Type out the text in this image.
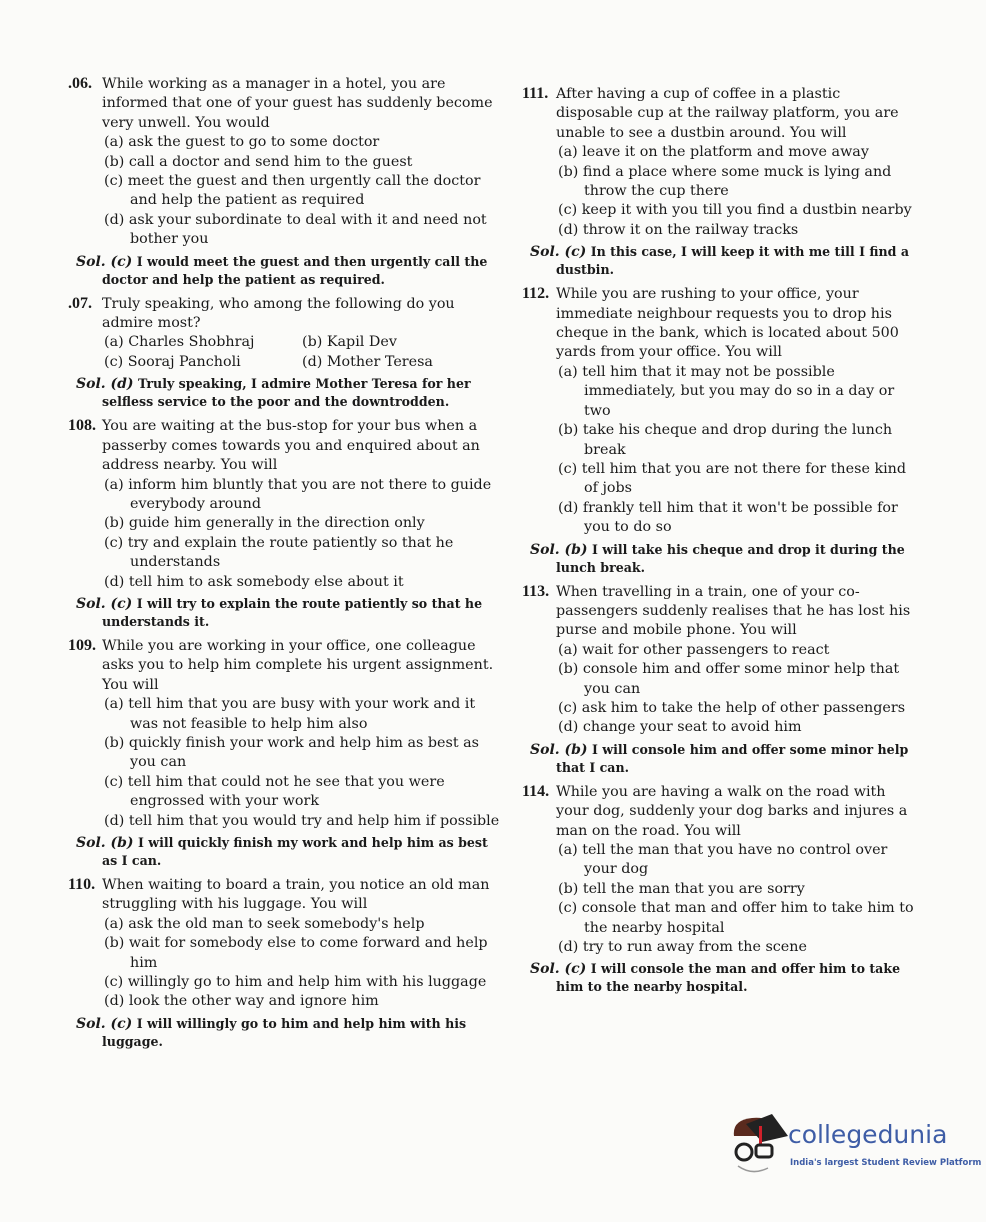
.06. While working as a manager in a hotel, you are informed that one of your guest has suddenly become very unwell. You would
(a) ask the guest to go to some doctor
(b) call a doctor and send him to the guest
(c) meet the guest and then urgently call the doctor and help the patient as required
(d) ask your subordinate to deal with it and need not bother you
Sol. (c) I would meet the guest and then urgently call the doctor and help the patient as required.
.07. Truly speaking, who among the following do you admire most?
(a) Charles Shobhraj	(b) Kapil Dev
(c) Sooraj Pancholi	(d) Mother Teresa
Sol. (d) Truly speaking, I admire Mother Teresa for her selfless service to the poor and the downtrodden.
108. You are waiting at the bus-stop for your bus when a passerby comes towards you and enquired about an address nearby. You will
(a) inform him bluntly that you are not there to guide everybody around
(b) guide him generally in the direction only
(c) try and explain the route patiently so that he understands
(d) tell him to ask somebody else about it
Sol. (c) I will try to explain the route patiently so that he understands it.
109. While you are working in your office, one colleague asks you to help him complete his urgent assignment. You will
(a) tell him that you are busy with your work and it was not feasible to help him also
(b) quickly finish your work and help him as best as you can
(c) tell him that could not he see that you were engrossed with your work
(d) tell him that you would try and help him if possible
Sol. (b) I will quickly finish my work and help him as best as I can.
110. When waiting to board a train, you notice an old man struggling with his luggage. You will
(a) ask the old man to seek somebody's help
(b) wait for somebody else to come forward and help him
(c) willingly go to him and help him with his luggage
(d) look the other way and ignore him
Sol. (c) I will willingly go to him and help him with his luggage.
111. After having a cup of coffee in a plastic disposable cup at the railway platform, you are unable to see a dustbin around. You will
(a) leave it on the platform and move away
(b) find a place where some muck is lying and throw the cup there
(c) keep it with you till you find a dustbin nearby
(d) throw it on the railway tracks
Sol. (c) In this case, I will keep it with me till I find a dustbin.
112. While you are rushing to your office, your immediate neighbour requests you to drop his cheque in the bank, which is located about 500 yards from your office. You will
(a) tell him that it may not be possible immediately, but you may do so in a day or two
(b) take his cheque and drop during the lunch break
(c) tell him that you are not there for these kind of jobs
(d) frankly tell him that it won't be possible for you to do so
Sol. (b) I will take his cheque and drop it during the lunch break.
113. When travelling in a train, one of your co-passengers suddenly realises that he has lost his purse and mobile phone. You will
(a) wait for other passengers to react
(b) console him and offer some minor help that you can
(c) ask him to take the help of other passengers
(d) change your seat to avoid him
Sol. (b) I will console him and offer some minor help that I can.
114. While you are having a walk on the road with your dog, suddenly your dog barks and injures a man on the road. You will
(a) tell the man that you have no control over your dog
(b) tell the man that you are sorry
(c) console that man and offer him to take him to the nearby hospital
(d) try to run away from the scene
Sol. (c) I will console the man and offer him to take him to the nearby hospital.
collegedunia
India's largest Student Review Platform
